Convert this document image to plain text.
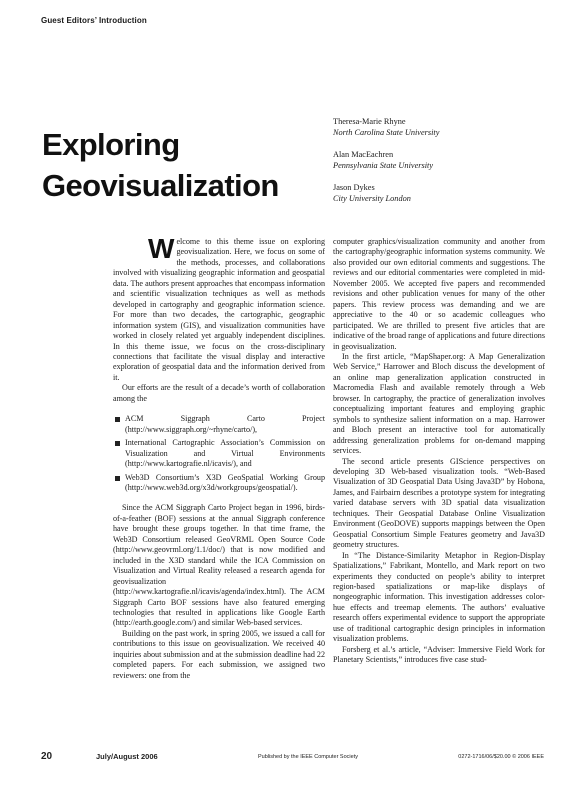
Guest Editors’ Introduction
Exploring
Geovisualization
Theresa-Marie Rhyne
North Carolina State University
Alan MacEachren
Pennsylvania State University
Jason Dykes
City University London

Welcome to this theme issue on exploring geovisualization. Here, we focus on some of the methods, processes, and collaborations involved with visualizing geographic information and geospatial data. The authors present approaches that encompass information and scientific visualization techniques as well as methods developed in cartography and geographic information science. For more than two decades, the cartographic, geographic information system (GIS), and visualization communities have worked in closely related yet arguably independent disciplines. In this theme issue, we focus on the cross-disciplinary connections that facilitate the visual display and interactive exploration of geospatial data and the information derived from it.

Our efforts are the result of a decade’s worth of collaboration among the

ACM Siggraph Carto Project (http://www.siggraph.org/~rhyne/carto/),
International Cartographic Association’s Commission on Visualization and Virtual Environments (http://www.kartografie.nl/icavis/), and
Web3D Consortium’s X3D GeoSpatial Working Group (http://www.web3d.org/x3d/workgroups/geospatial/).

Since the ACM Siggraph Carto Project began in 1996, birds-of-a-feather (BOF) sessions at the annual Siggraph conference have brought these groups together. In that time frame, the Web3D Consortium released GeoVRML Open Source Code (http://www.geovrml.org/1.1/doc/) that is now modified and included in the X3D standard while the ICA Commission on Visualization and Virtual Reality released a research agenda for geovisualization (http://www.kartografie.nl/icavis/agenda/index.html). The ACM Siggraph Carto BOF sessions have also featured emerging technologies that resulted in applications like Google Earth (http://earth.google.com/) and similar Web-based services.

Building on the past work, in spring 2005, we issued a call for contributions to this issue on geovisualization. We received 40 inquiries about submission and at the submission deadline had 22 completed papers. For each submission, we assigned two reviewers: one from the

computer graphics/visualization community and another from the cartography/geographic information systems community. We also provided our own editorial comments and suggestions. The reviews and our editorial commentaries were completed in mid-November 2005. We accepted five papers and recommended revisions and other publication venues for many of the other papers. This review process was demanding and we are appreciative to the 40 or so academic colleagues who participated. We are thrilled to present five articles that are indicative of the broad range of applications and future directions in geovisualization.

In the first article, “MapShaper.org: A Map Generalization Web Service,” Harrower and Bloch discuss the development of an online map generalization application constructed in Macromedia Flash and available remotely through a Web browser. In cartography, the practice of generalization involves conceptualizing important features and employing graphic symbols to synthesize salient information on a map. Harrower and Bloch present an interactive tool for automatically addressing generalization problems for on-demand mapping services.

The second article presents GIScience perspectives on developing 3D Web-based visualization tools. “Web-Based Visualization of 3D Geospatial Data Using Java3D” by Hobona, James, and Fairbairn describes a prototype system for integrating varied database servers with 3D spatial data visualization techniques. Their Geospatial Database Online Visualization Environment (GeoDOVE) supports mappings between the Open Geospatial Consortium Simple Features geometry and Java3D geometry structures.

In “The Distance-Similarity Metaphor in Region-Display Spatializations,” Fabrikant, Montello, and Mark report on two experiments they conducted on people’s ability to interpret region-based spatializations or map-like displays of nongeographic information. This investigation addresses color-hue effects and treemap elements. The authors’ evaluative research offers experimental evidence to support the appropriate use of traditional cartographic design principles in information visualization problems.

Forsberg et al.’s article, “Adviser: Immersive Field Work for Planetary Scientists,” introduces five case stud-

20	July/August 2006	Published by the IEEE Computer Society	0272-1716/06/$20.00 © 2006 IEEE
